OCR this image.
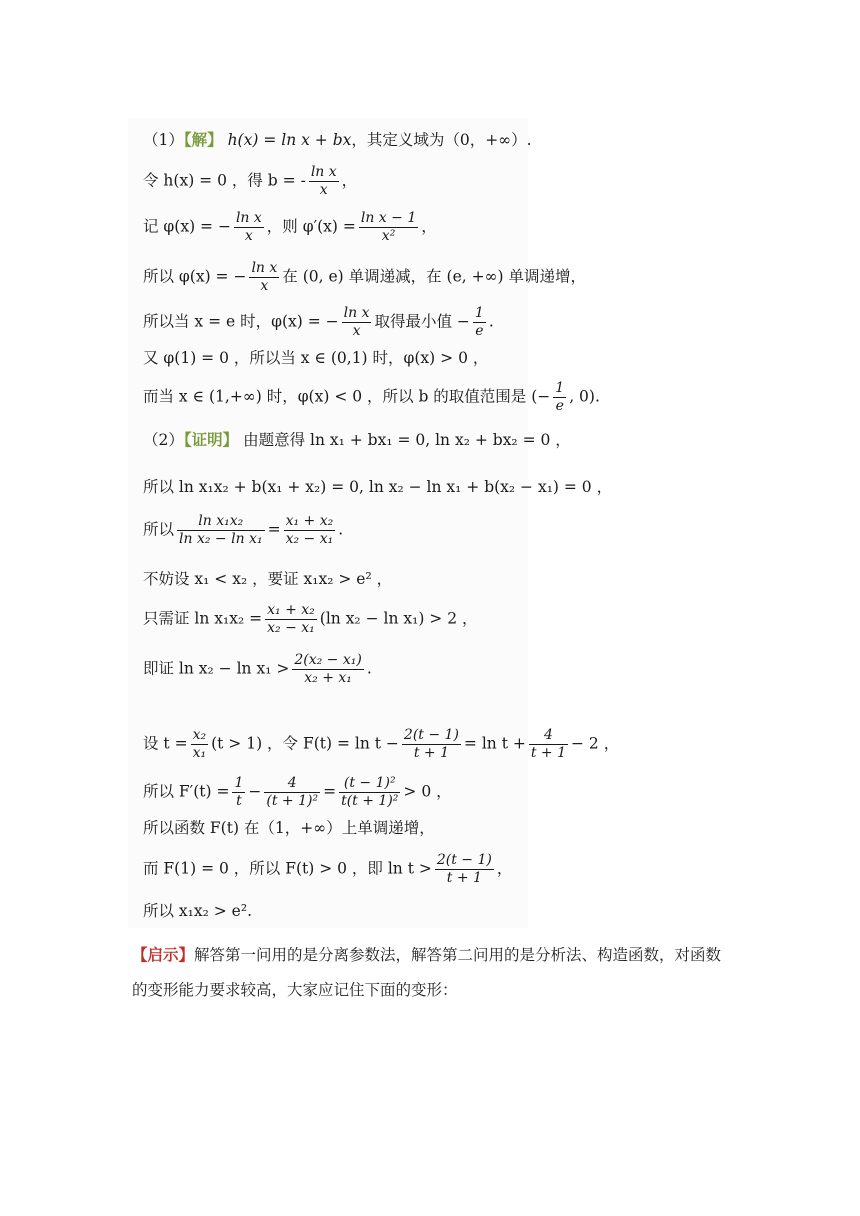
（1）【解】 h(x) = ln x + bx，其定义域为（0，+∞）.
令 h(x) = 0 ，得 b = - $\frac{\text{ln x}}{x}$ ，
记 φ(x) = − $\frac{\text{ln x}}{x}$ ，则 $\varphi'(x) = \frac{\text{ln x − 1}}{\text{x²}}$ ，
所以 φ(x) = − $\frac{\text{ln x}}{x}$ 在 (0, e) 单调递减，在 (e, +∞) 单调递增，
所以当 x = e 时，φ(x) = − $\frac{\text{ln x}}{x}$ 取得最小值 − $\frac{1}{e}$ .
又 φ(1) = 0 ，所以当 x ∈ (0,1) 时，φ(x) > 0 ，
而当 x ∈ (1,+∞) 时，φ(x) < 0 ，所以 b 的取值范围是 (− $\frac{1}{e}$ , 0).
（2）【证明】 由题意得 ln x₁ + bx₁ = 0, ln x₂ + bx₂ = 0 ，
所以 ln x₁x₂ + b(x₁ + x₂) = 0, ln x₂ − ln x₁ + b(x₂ − x₁) = 0 ，
所以 $\frac{\text{ln x₁x₂}}{\text{ln x₂ − ln x₁}} = \frac{\text{x₁ + x₂}}{\text{x₂ − x₁}}$ .
不妨设 x₁ < x₂ ，要证 x₁x₂ > e² ，
只需证 $\ln x_1x_2 = \frac{\text{x₁ + x₂}}{\text{x₂ − x₁}} (\ln$ x₂ − ln x₁) > 2 ，
即证 $\ln x_2 - \ln x_1 > \frac{\text{2(x₂ − x₁)}}{\text{x₂ + x₁}}$ .
设 $t = \frac{\text{x₂}}{\text{x₁}} (t > 1)$ ，令 $F(t) = \ln t - \frac{2(t - 1)}{t + 1} = \ln t + \frac{4}{t + 1} - 2$ ，
所以 $F'(t) = \frac{1}{t} - \frac{4}{\text{(t + 1)²}} = \frac{\text{(t − 1)²}}{\text{t(t + 1)²}} > 0$ ，
所以函数 F(t) 在（1，+∞）上单调递增，
而 F(1) = 0 ，所以 F(t) > 0 ，即 $\ln t > \frac{2(t - 1)}{t + 1}$ ，
所以 x₁x₂ > e².
【启示】解答第一问用的是分离参数法，解答第二问用的是分析法、构造函数，对函数
的变形能力要求较高，大家应记住下面的变形：
